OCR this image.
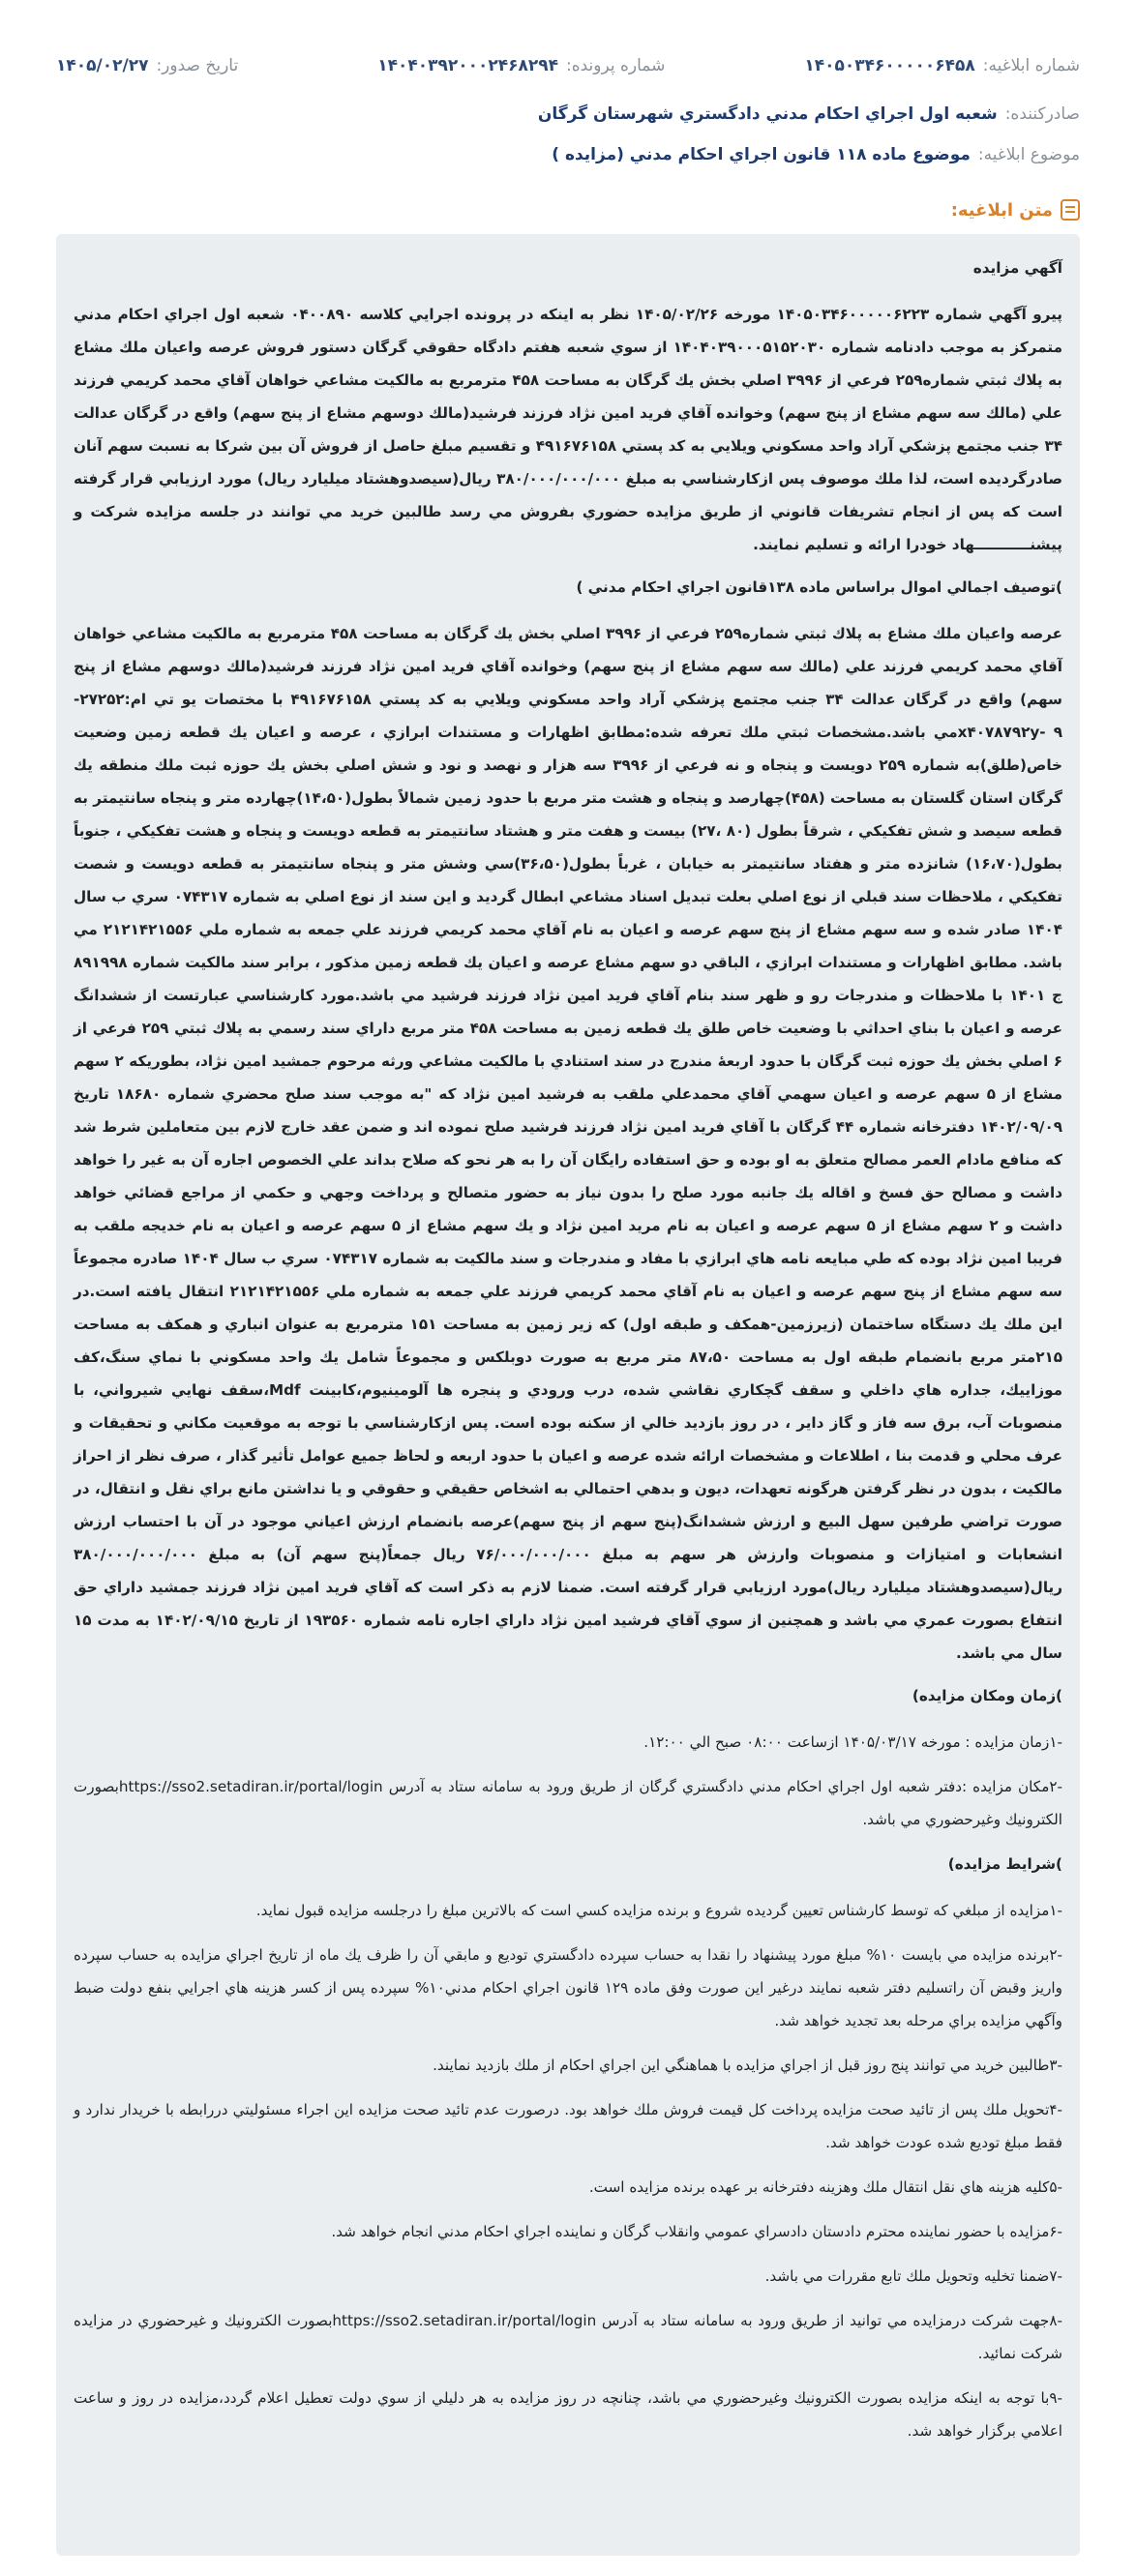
شماره ابلاغيه:
۱۴۰۵۰۳۴۶۰۰۰۰۰۶۴۵۸
شماره پرونده:
۱۴۰۴۰۳۹۲۰۰۰۲۴۶۸۲۹۴
تاریخ صدور:
۱۴۰۵/۰۲/۲۷
صادرکننده:
شعبه اول اجراي احكام مدني دادگستري شهرستان گرگان
موضوع ابلاغیه:
موضوع ماده ۱۱۸ قانون اجراي احكام مدني (مزايده )
متن ابلاغیه:

آگهي مزايده

پيرو آگهي شماره ۱۴۰۵۰۳۴۶۰۰۰۰۰۶۲۲۳ مورخه ۱۴۰۵/۰۲/۲۶ نظر به اينكه در پرونده اجرايي كلاسه ۰۴۰۰۸۹۰ شعبه اول اجراي احكام مدني متمركز به موجب دادنامه شماره ۱۴۰۴۰۳۹۰۰۰۵۱۵۲۰۳۰ از سوي شعبه هفتم دادگاه حقوقي گرگان دستور فروش عرصه واعيان ملك مشاع به پلاك ثبتي شماره۲۵۹ فرعي از ۳۹۹۶ اصلي بخش يك گرگان به مساحت ۴۵۸ مترمربع به مالكيت مشاعي خواهان آقاي محمد كريمي فرزند علي (مالك سه سهم مشاع از پنج سهم) وخوانده آقاي فريد امين نژاد فرزند فرشيد(مالك دوسهم مشاع از پنج سهم) واقع در گرگان عدالت ۳۴ جنب مجتمع پزشكي آراد واحد مسكوني ويلايي به كد پستي ۴۹۱۶۷۶۱۵۸ و تقسيم مبلغ حاصل از فروش آن بين شركا به نسبت سهم آنان صادرگرديده است، لذا ملك موصوف پس ازكارشناسي به مبلغ ۳۸۰/۰۰۰/۰۰۰/۰۰۰ ريال(سيصدوهشتاد ميليارد ريال) مورد ارزيابي قرار گرفته است كه پس از انجام تشريفات قانوني از طريق مزايده حضوري بفروش مي رسد طالبين خريد مي توانند در جلسه مزايده شركت و پيشنـــــــــــهاد خودرا ارائه و تسليم نمايند.

)توصيف اجمالي اموال براساس ماده ۱۳۸قانون اجراي احكام مدني )

عرصه واعيان ملك مشاع به پلاك ثبتي شماره۲۵۹ فرعي از ۳۹۹۶ اصلي بخش يك گرگان به مساحت ۴۵۸ مترمربع به مالكيت مشاعي خواهان آقاي محمد كريمي فرزند علي (مالك سه سهم مشاع از پنج سهم) وخوانده آقاي فريد امين نژاد فرزند فرشيد(مالك دوسهم مشاع از پنج سهم) واقع در گرگان عدالت ۳۴ جنب مجتمع پزشكي آراد واحد مسكوني ويلايي به كد پستي ۴۹۱۶۷۶۱۵۸ با مختصات يو تي ام:۲۷۲۵۲- x۴۰۷۸۷۹۲y- ۹مي باشد.مشخصات ثبتي ملك تعرفه شده:مطابق اظهارات و مستندات ابرازي ، عرصه و اعيان يك قطعه زمين وضعيت خاص(طلق)به شماره ۲۵۹ دويست و پنجاه و نه فرعي از ۳۹۹۶ سه هزار و نهصد و نود و شش اصلي بخش يك حوزه ثبت ملك منطقه يك گرگان استان گلستان به مساحت (۴۵۸)چهارصد و پنجاه و هشت متر مربع با حدود زمين شمالاً بطول(۱۴،۵۰)چهارده متر و پنجاه سانتيمتر به قطعه سيصد و شش تفكيكي ، شرقاً بطول (۸۰ ،۲۷) بيست و هفت متر و هشتاد سانتيمتر به قطعه دويست و پنجاه و هشت تفكيكي ، جنوباً بطول(۱۶،۷۰) شانزده متر و هفتاد سانتيمتر به خيابان ، غرباً بطول(۳۶،۵۰)سي وشش متر و پنجاه سانتيمتر به قطعه دويست و شصت تفكيكي ، ملاحظات سند قبلي از نوع اصلي بعلت تبديل اسناد مشاعي ابطال گرديد و اين سند از نوع اصلي به شماره ۰۷۴۳۱۷ سري ب سال ۱۴۰۴ صادر شده و سه سهم مشاع از پنج سهم عرصه و اعيان به نام آقاي محمد كريمي فرزند علي جمعه به شماره ملي ۲۱۲۱۴۲۱۵۵۶ مي باشد. مطابق اظهارات و مستندات ابرازي ، الباقي دو سهم مشاع عرصه و اعيان يك قطعه زمين مذكور ، برابر سند مالكيت شماره ۸۹۱۹۹۸ ج ۱۴۰۱ با ملاحظات و مندرجات رو و ظهر سند بنام آقاي فريد امين نژاد فرزند فرشيد مي باشد.مورد كارشناسي عبارتست از ششدانگ عرصه و اعيان با بناي احداثي با وضعيت خاص طلق يك قطعه زمين به مساحت ۴۵۸ متر مربع داراي سند رسمي به پلاك ثبتي ۲۵۹ فرعي از ۶ اصلي بخش يك حوزه ثبت گرگان با حدود اربعۀ مندرج در سند استنادي با مالكيت مشاعي ورثه مرحوم جمشيد امين نژاد، بطوريكه ۲ سهم مشاع از ۵ سهم عرصه و اعيان سهمي آقاي محمدعلي ملقب به فرشيد امين نژاد كه "به موجب سند صلح محضري شماره ۱۸۶۸۰ تاريخ ۱۴۰۲/۰۹/۰۹ دفترخانه شماره ۴۴ گرگان با آقاي فريد امين نژاد فرزند فرشيد صلح نموده اند و ضمن عقد خارج لازم بين متعاملين شرط شد كه منافع مادام العمر مصالح متعلق به او بوده و حق استفاده رايگان آن را به هر نحو كه صلاح بداند علي الخصوص اجاره آن به غير را خواهد داشت و مصالح حق فسخ و اقاله يك جانبه مورد صلح را بدون نياز به حضور متصالح و پرداخت وجهي و حكمي از مراجع قضائي خواهد داشت و ۲ سهم مشاع از ۵ سهم عرصه و اعيان به نام مريد امين نژاد و يك سهم مشاع از ۵ سهم عرصه و اعيان به نام خديجه ملقب به فريبا امين نژاد بوده كه طي مبايعه نامه هاي ابرازي با مفاد و مندرجات و سند مالكيت به شماره ۰۷۴۳۱۷ سري ب سال ۱۴۰۴ صادره مجموعاً سه سهم مشاع از پنج سهم عرصه و اعيان به نام آقاي محمد كريمي فرزند علي جمعه به شماره ملي ۲۱۲۱۴۲۱۵۵۶ انتقال يافته است.در اين ملك يك دستگاه ساختمان (زيرزمين-همكف و طبقه اول) كه زير زمين به مساحت ۱۵۱ مترمربع به عنوان انباري و همكف به مساحت ۲۱۵متر مربع بانضمام طبقه اول به مساحت ۸۷،۵۰ متر مربع به صورت دوبلكس و مجموعاً شامل يك واحد مسكوني با نماي سنگ،كف موزاييك، جداره هاي داخلي و سقف گچكاري نقاشي شده، درب ورودي و پنجره ها آلومينيوم،كابينت Mdf،سقف نهايي شيرواني، با منصوبات آب، برق سه فاز و گاز داير ، در روز بازديد خالي از سكنه بوده است. پس ازكارشناسي با توجه به موقعيت مكاني و تحقيقات و عرف محلي و قدمت بنا ، اطلاعات و مشخصات ارائه شده عرصه و اعيان با حدود اربعه و لحاظ جميع عوامل تأثير گذار ، صرف نظر از احراز مالكيت ، بدون در نظر گرفتن هرگونه تعهدات، ديون و بدهي احتمالي به اشخاص حقيقي و حقوقي و يا نداشتن مانع براي نقل و انتقال، در صورت تراضي طرفين سهل البيع و ارزش ششدانگ(پنج سهم از پنج سهم)عرصه بانضمام ارزش اعياني موجود در آن با احتساب ارزش انشعابات و امتيازات و منصوبات وارزش هر سهم به مبلغ ۷۶/۰۰۰/۰۰۰/۰۰۰ ريال جمعاً(پنج سهم آن) به مبلغ ۳۸۰/۰۰۰/۰۰۰/۰۰۰ ريال(سيصدوهشتاد ميليارد ريال)مورد ارزيابي قرار گرفته است. ضمنا لازم به ذكر است كه آقاي فريد امين نژاد فرزند جمشيد داراي حق انتفاع بصورت عمري مي باشد و همچنين از سوي آقاي فرشيد امين نژاد داراي اجاره نامه شماره ۱۹۳۵۶۰ از تاريخ ۱۴۰۲/۰۹/۱۵ به مدت ۱۵ سال مي باشد.

)زمان ومكان مزايده)

-۱زمان مزايده : مورخه ۱۴۰۵/۰۳/۱۷ ازساعت ۰۸:۰۰ صبح الي ۱۲:۰۰.

-۲مكان مزايده :دفتر شعبه اول اجراي احكام مدني دادگستري گرگان از طريق ورود به سامانه ستاد به آدرس https://sso2.setadiran.ir/portal/loginبصورت الكترونيك وغيرحضوري مي باشد.

)شرايط مزايده)

-۱مزايده از مبلغي كه توسط كارشناس تعيين گرديده شروع و برنده مزايده كسي است كه بالاترين مبلغ را درجلسه مزايده قبول نمايد.

-۲برنده مزايده مي بايست ۱۰% مبلغ مورد پيشنهاد را نقدا به حساب سپرده دادگستري توديع و مابقي آن را ظرف يك ماه از تاريخ اجراي مزايده به حساب سپرده واريز وقبض آن راتسليم دفتر شعبه نمايند درغير اين صورت وفق ماده ۱۲۹ قانون اجراي احكام مدني۱۰% سپرده پس از كسر هزينه هاي اجرايي بنفع دولت ضبط وآگهي مزايده براي مرحله بعد تجديد خواهد شد.

-۳طالبين خريد مي توانند پنج روز قبل از اجراي مزايده با هماهنگي اين اجراي احكام از ملك بازديد نمايند.

-۴تحويل ملك پس از تائيد صحت مزايده پرداخت كل قيمت فروش ملك خواهد بود. درصورت عدم تائيد صحت مزايده اين اجراء مسئوليتي دررابطه با خريدار ندارد و فقط مبلغ توديع شده عودت خواهد شد.

-۵كليه هزينه هاي نقل انتقال ملك وهزينه دفترخانه بر عهده برنده مزايده است.

-۶مزايده با حضور نماينده محترم دادستان دادسراي عمومي وانقلاب گرگان و نماينده اجراي احكام مدني انجام خواهد شد.

-۷ضمنا تخليه وتحويل ملك تابع مقررات مي باشد.

-۸جهت شركت درمزايده مي توانيد از طريق ورود به سامانه ستاد به آدرس https://sso2.setadiran.ir/portal/loginبصورت الكترونيك و غيرحضوري در مزايده شركت نمائيد.

-۹با توجه به اينكه مزايده بصورت الكترونيك وغيرحضوري مي باشد، چنانچه در روز مزايده به هر دليلي از سوي دولت تعطيل اعلام گردد،مزايده در روز و ساعت اعلامي برگزار خواهد شد.
